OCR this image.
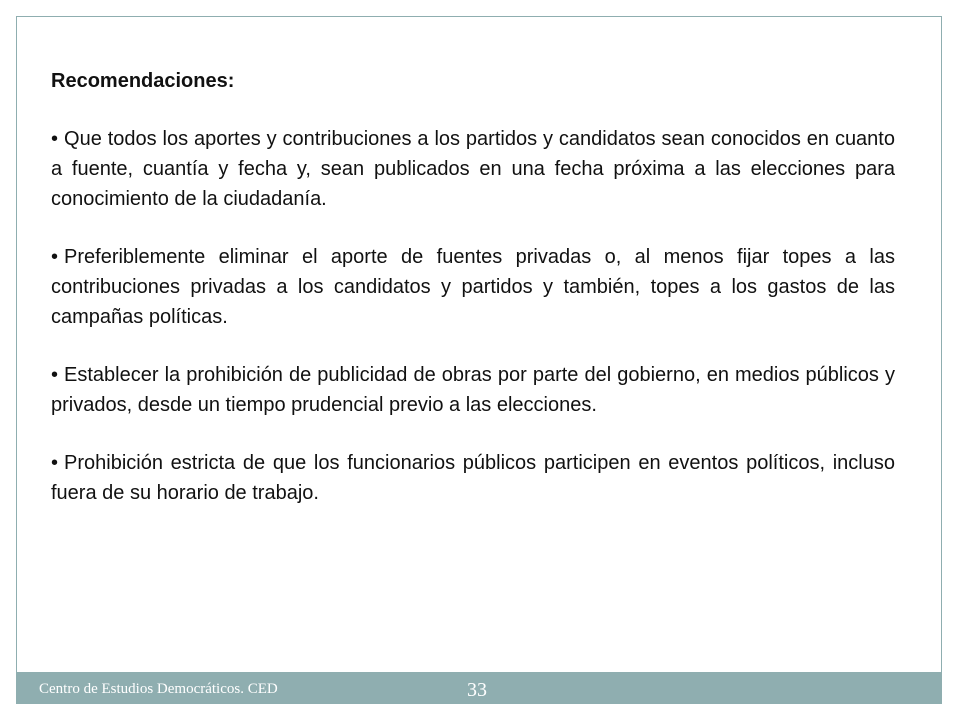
Recomendaciones:
• Que todos los aportes y contribuciones a los partidos y candidatos sean conocidos en cuanto a fuente, cuantía y fecha y, sean publicados en una fecha próxima a las elecciones para conocimiento de la ciudadanía.
• Preferiblemente eliminar el aporte de fuentes privadas o, al menos fijar topes a las contribuciones privadas a los candidatos y partidos y también, topes a los gastos de las campañas políticas.
• Establecer la prohibición de publicidad de obras por parte del gobierno, en medios públicos y privados, desde un tiempo prudencial previo a las elecciones.
• Prohibición estricta de que los funcionarios públicos participen en eventos políticos, incluso fuera de su horario de trabajo.
Centro de Estudios Democráticos. CED	33
